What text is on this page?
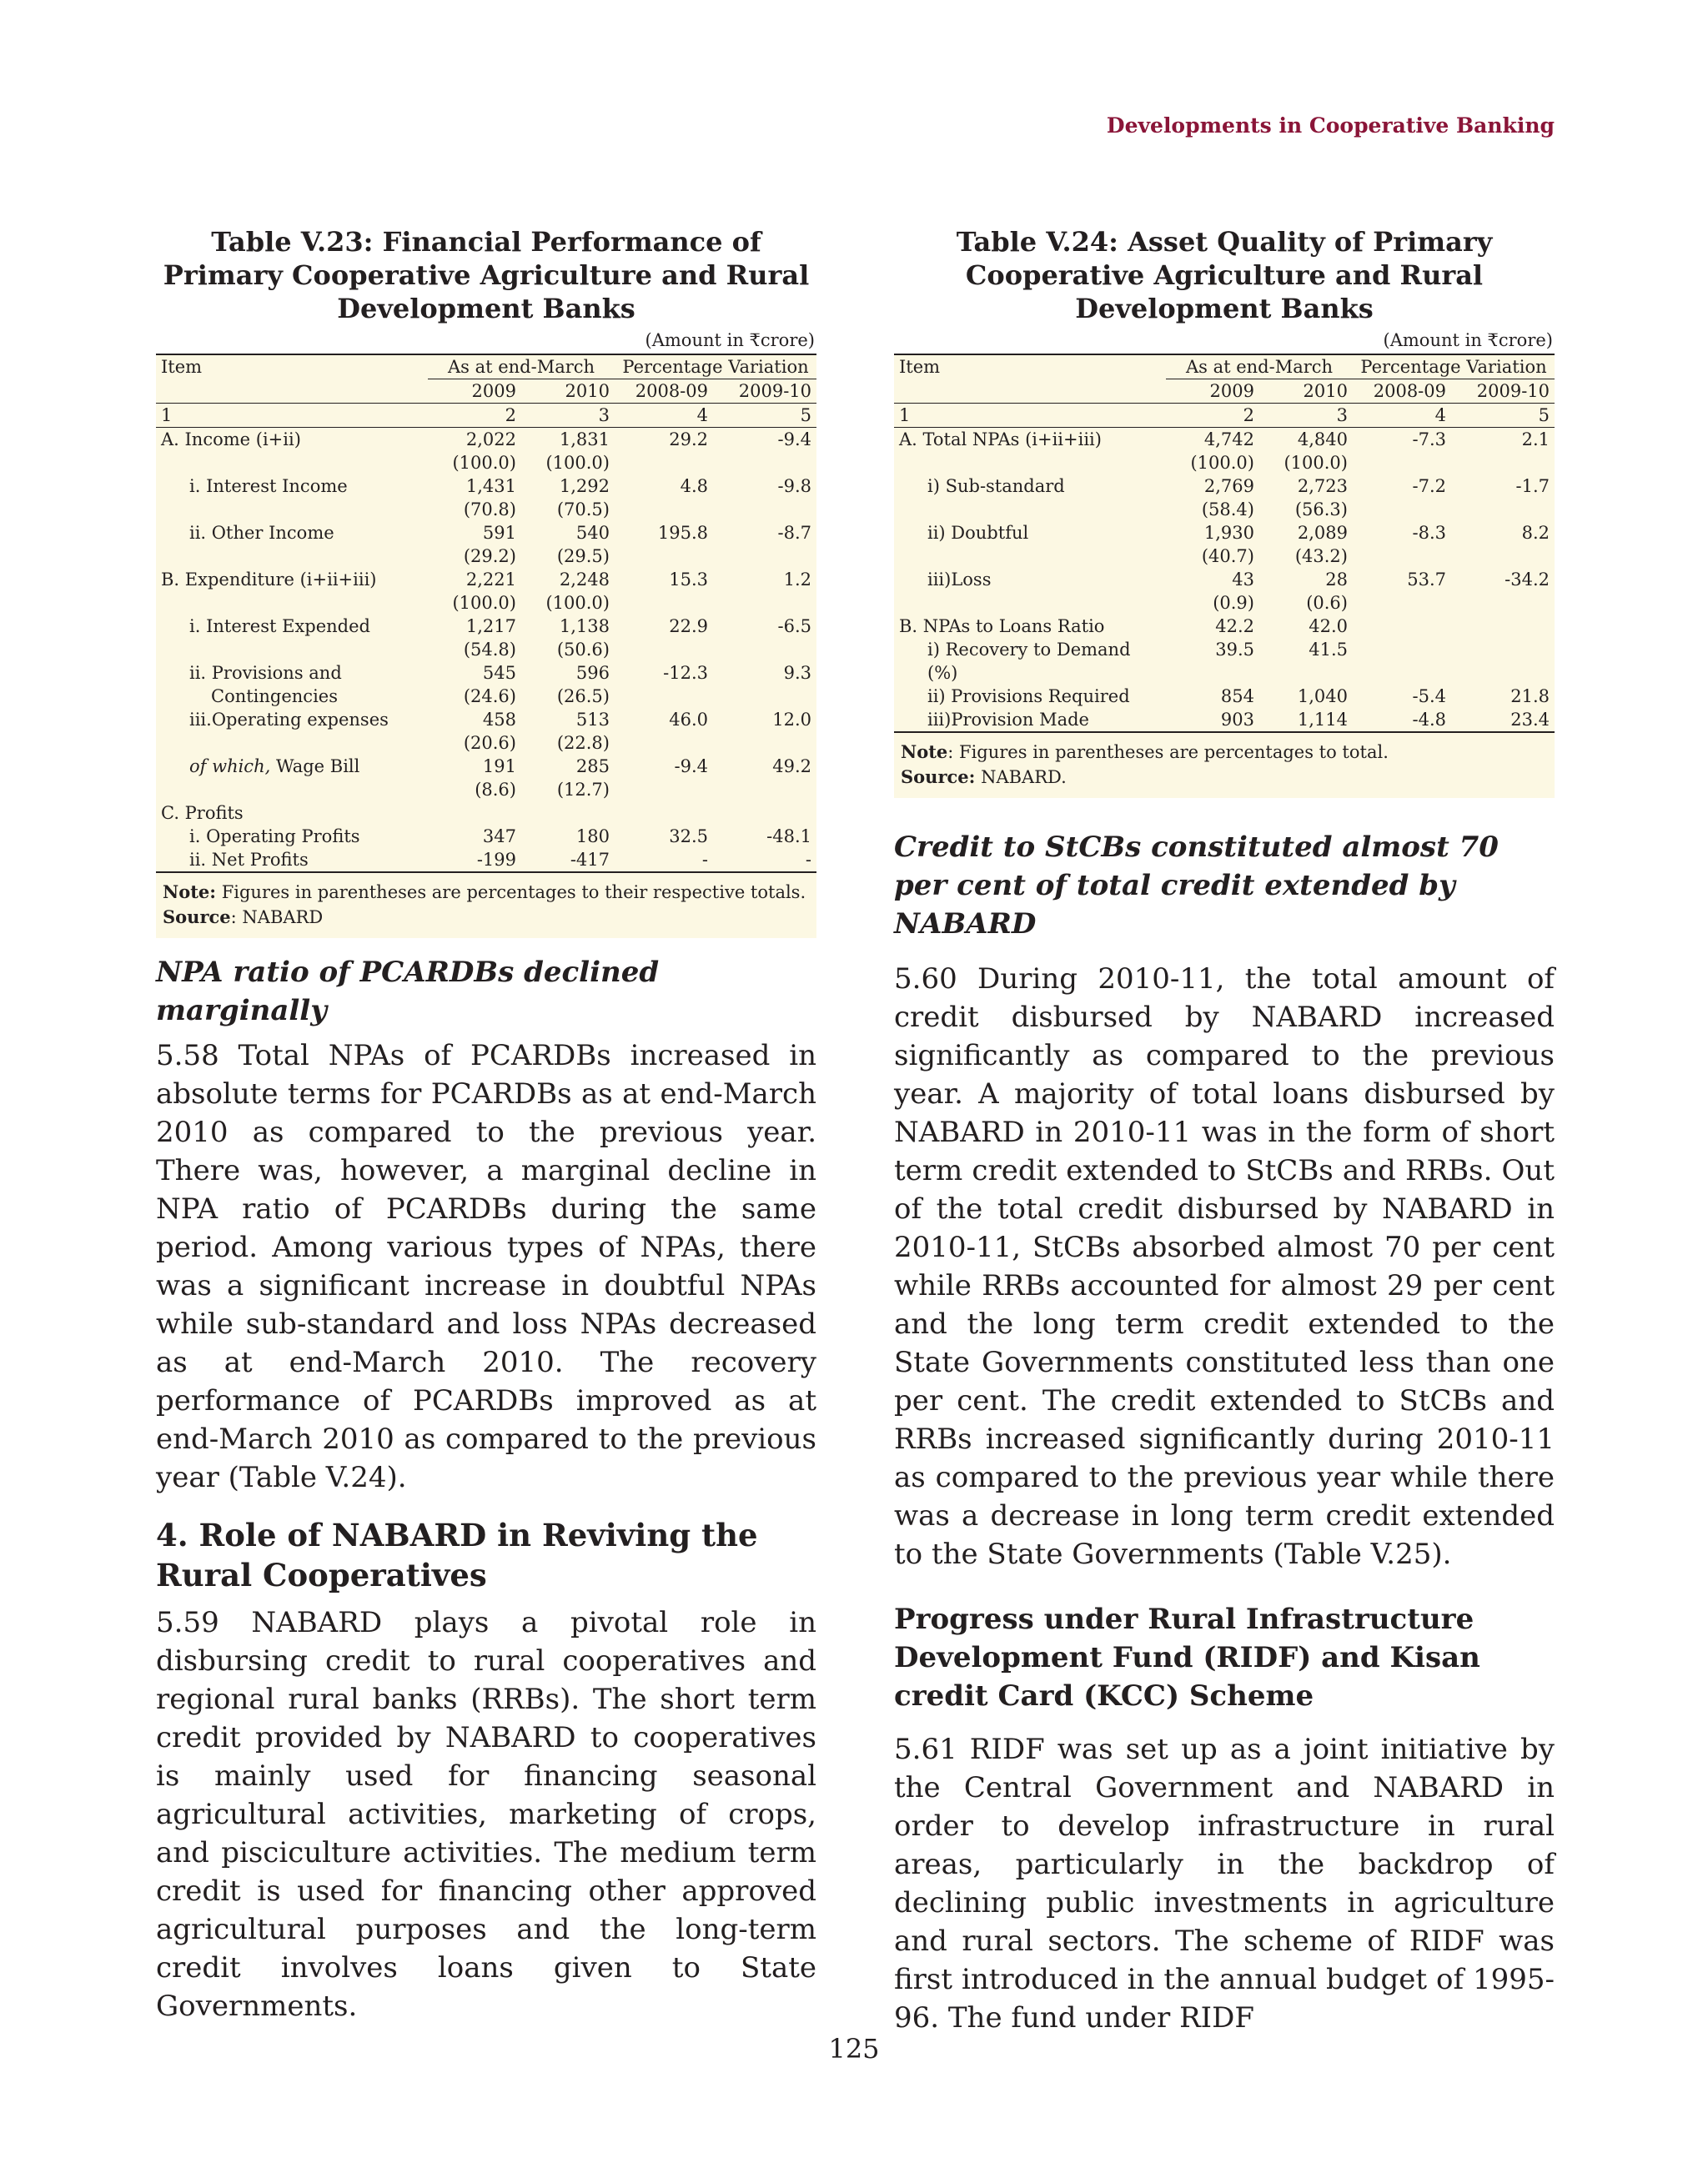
Developments in Cooperative Banking
Table V.23: Financial Performance of Primary Cooperative Agriculture and Rural Development Banks
(Amount in ₹crore)
Item	As at end-March		Percentage Variation	
	2009	2010	2008-09	2009-10
1	2	3	4	5
A. Income (i+ii)	2,022	1,831	29.2	-9.4
	(100.0)	(100.0)		
i. Interest Income	1,431	1,292	4.8	-9.8
	(70.8)	(70.5)		
ii. Other Income	591	540	195.8	-8.7
	(29.2)	(29.5)		
B. Expenditure (i+ii+iii)	2,221	2,248	15.3	1.2
	(100.0)	(100.0)		
i. Interest Expended	1,217	1,138	22.9	-6.5
	(54.8)	(50.6)		
ii. Provisions and	545	596	-12.3	9.3
Contingencies	(24.6)	(26.5)		
iii.Operating expenses	458	513	46.0	12.0
	(20.6)	(22.8)		
of which, Wage Bill	191	285	-9.4	49.2
	(8.6)	(12.7)		
C. Profits				
i. Operating Profits	347	180	32.5	-48.1
ii. Net Profits	-199	-417	-	-
Note: Figures in parentheses are percentages to their respective totals.
Source: NABARD

NPA ratio of PCARDBs declined marginally

5.58 Total NPAs of PCARDBs increased in absolute terms for PCARDBs as at end-March 2010 as compared to the previous year. There was, however, a marginal decline in NPA ratio of PCARDBs during the same period. Among various types of NPAs, there was a significant increase in doubtful NPAs while sub-standard and loss NPAs decreased as at end-March 2010. The recovery performance of PCARDBs improved as at end-March 2010 as compared to the previous year (Table V.24).

4. Role of NABARD in Reviving the Rural Cooperatives

5.59 NABARD plays a pivotal role in disbursing credit to rural cooperatives and regional rural banks (RRBs). The short term credit provided by NABARD to cooperatives is mainly used for financing seasonal agricultural activities, marketing of crops, and pisciculture activities. The medium term credit is used for financing other approved agricultural purposes and the long-term credit involves loans given to State Governments.

Table V.24: Asset Quality of Primary Cooperative Agriculture and Rural Development Banks
(Amount in ₹crore)
Item	As at end-March		Percentage Variation	
	2009	2010	2008-09	2009-10
1	2	3	4	5
A. Total NPAs (i+ii+iii)	4,742	4,840	-7.3	2.1
	(100.0)	(100.0)		
i) Sub-standard	2,769	2,723	-7.2	-1.7
	(58.4)	(56.3)		
ii) Doubtful	1,930	2,089	-8.3	8.2
	(40.7)	(43.2)		
iii)Loss	43	28	53.7	-34.2
	(0.9)	(0.6)		
B. NPAs to Loans Ratio	42.2	42.0		
i) Recovery to Demand (%)	39.5	41.5		
ii) Provisions Required	854	1,040	-5.4	21.8
iii)Provision Made	903	1,114	-4.8	23.4
Note: Figures in parentheses are percentages to total.
Source: NABARD.

Credit to StCBs constituted almost 70 per cent of total credit extended by NABARD

5.60 During 2010-11, the total amount of credit disbursed by NABARD increased significantly as compared to the previous year. A majority of total loans disbursed by NABARD in 2010-11 was in the form of short term credit extended to StCBs and RRBs. Out of the total credit disbursed by NABARD in 2010-11, StCBs absorbed almost 70 per cent while RRBs accounted for almost 29 per cent and the long term credit extended to the State Governments constituted less than one per cent. The credit extended to StCBs and RRBs increased significantly during 2010-11 as compared to the previous year while there was a decrease in long term credit extended to the State Governments (Table V.25).

Progress under Rural Infrastructure Development Fund (RIDF) and Kisan credit Card (KCC) Scheme

5.61 RIDF was set up as a joint initiative by the Central Government and NABARD in order to develop infrastructure in rural areas, particularly in the backdrop of declining public investments in agriculture and rural sectors. The scheme of RIDF was first introduced in the annual budget of 1995-96. The fund under RIDF

125
